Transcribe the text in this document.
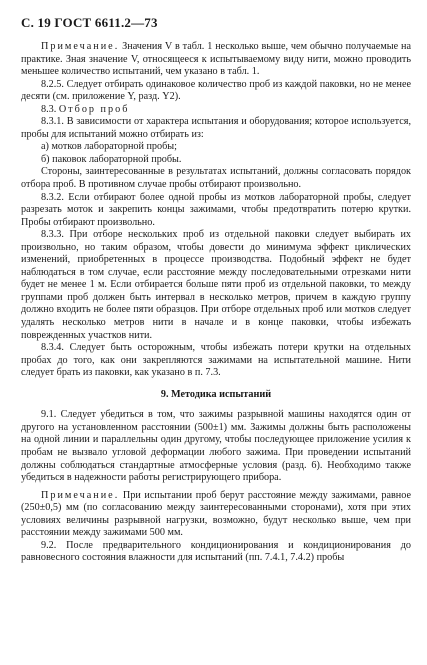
С. 19 ГОСТ 6611.2—73

Примечание. Значения V в табл. 1 несколько выше, чем обычно получаемые на практике. Зная значение V, относящееся к испытываемому виду нити, можно проводить меньшее количество испытаний, чем указано в табл. 1.

8.2.5. Следует отбирать одинаковое количество проб из каждой паковки, но не менее десяти (см. приложение Y, разд. Y2).

8.3. Отбор проб

8.3.1. В зависимости от характера испытания и оборудования; которое используется, пробы для испытаний можно отбирать из:

а) мотков лабораторной пробы;

б) паковок лабораторной пробы.

Стороны, заинтересованные в результатах испытаний, должны согласовать порядок отбора проб. В противном случае пробы отбирают произвольно.

8.3.2. Если отбирают более одной пробы из мотков лабораторной пробы, следует разрезать моток и закрепить концы зажимами, чтобы предотвратить потерю крутки. Пробы отбирают произвольно.

8.3.3. При отборе нескольких проб из отдельной паковки следует выбирать их произвольно, но таким образом, чтобы довести до минимума эффект циклических изменений, приобретенных в процессе производства. Подобный эффект не будет наблюдаться в том случае, если расстояние между последовательными отрезками нити будет не менее 1 м. Если отбирается больше пяти проб из отдельной паковки, то между группами проб должен быть интервал в несколько метров, причем в каждую группу должно входить не более пяти образцов. При отборе отдельных проб или мотков следует удалять несколько метров нити в начале и в конце паковки, чтобы избежать поврежденных участков нити.

8.3.4. Следует быть осторожным, чтобы избежать потери крутки на отдельных пробах до того, как они закрепляются зажимами на испытательной машине. Нити следует брать из паковки, как указано в п. 7.3.

9. Методика испытаний

9.1. Следует убедиться в том, что зажимы разрывной машины находятся один от другого на установленном расстоянии (500±1) мм. Зажимы должны быть расположены на одной линии и параллельны один другому, чтобы последующее приложение усилия к пробам не вызвало угловой деформации любого зажима. При проведении испытаний должны соблюдаться стандартные атмосферные условия (разд. 6). Необходимо также убедиться в надежности работы регистрирующего прибора.

Примечание. При испытании проб берут расстояние между зажимами, равное (250±0,5) мм (по согласованию между заинтересованными сторонами), хотя при этих условиях величины разрывной нагрузки, возможно, будут несколько выше, чем при расстоянии между зажимами 500 мм.

9.2. После предварительного кондиционирования и кондиционирования до равновесного состояния влажности для испытаний (пп. 7.4.1, 7.4.2) пробы
